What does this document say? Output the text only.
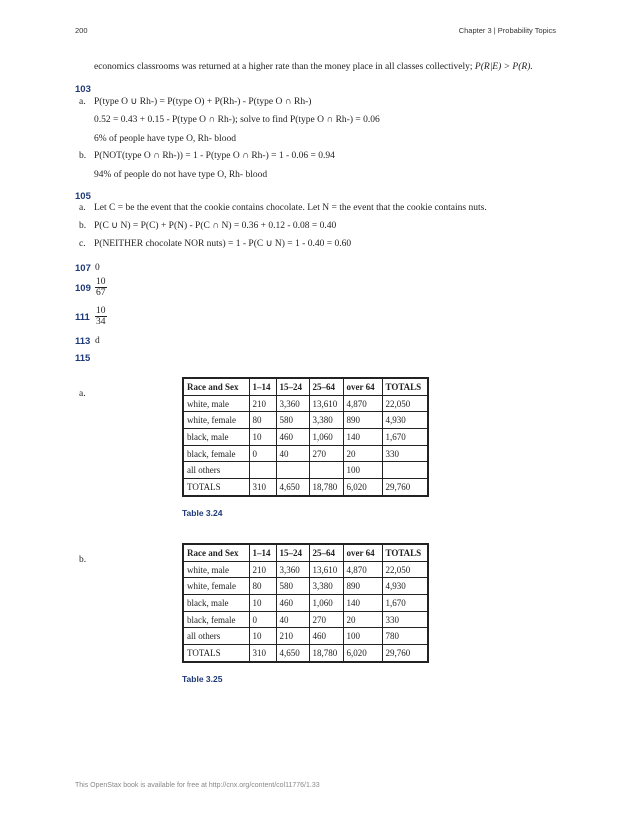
200	Chapter 3 | Probability Topics
economics classrooms was returned at a higher rate than the money place in all classes collectively; P(R|E) > P(R).
103
a. P(type O ∪ Rh-) = P(type O) + P(Rh-) - P(type O ∩ Rh-)
0.52 = 0.43 + 0.15 - P(type O ∩ Rh-); solve to find P(type O ∩ Rh-) = 0.06
6% of people have type O, Rh- blood
b. P(NOT(type O ∩ Rh-)) = 1 - P(type O ∩ Rh-) = 1 - 0.06 = 0.94
94% of people do not have type O, Rh- blood
105
a. Let C = be the event that the cookie contains chocolate. Let N = the event that the cookie contains nuts.
b. P(C ∪ N) = P(C) + P(N) - P(C ∩ N) = 0.36 + 0.12 - 0.08 = 0.40
c. P(NEITHER chocolate NOR nuts) = 1 - P(C ∪ N) = 1 - 0.40 = 0.60
107 0
$109 \frac{10}{67}$
$111 \frac{10}{34}$
113 d
115
a.
Race and Sex	1–14	15–24	25–64	over 64	TOTALS
white, male	210	3,360	13,610	4,870	22,050
white, female	80	580	3,380	890	4,930
black, male	10	460	1,060	140	1,670
black, female	0	40	270	20	330
all others				100	
TOTALS	310	4,650	18,780	6,020	29,760
Table 3.24
b.
Race and Sex	1–14	15–24	25–64	over 64	TOTALS
white, male	210	3,360	13,610	4,870	22,050
white, female	80	580	3,380	890	4,930
black, male	10	460	1,060	140	1,670
black, female	0	40	270	20	330
all others	10	210	460	100	780
TOTALS	310	4,650	18,780	6,020	29,760
Table 3.25
This OpenStax book is available for free at http://cnx.org/content/col11776/1.33
